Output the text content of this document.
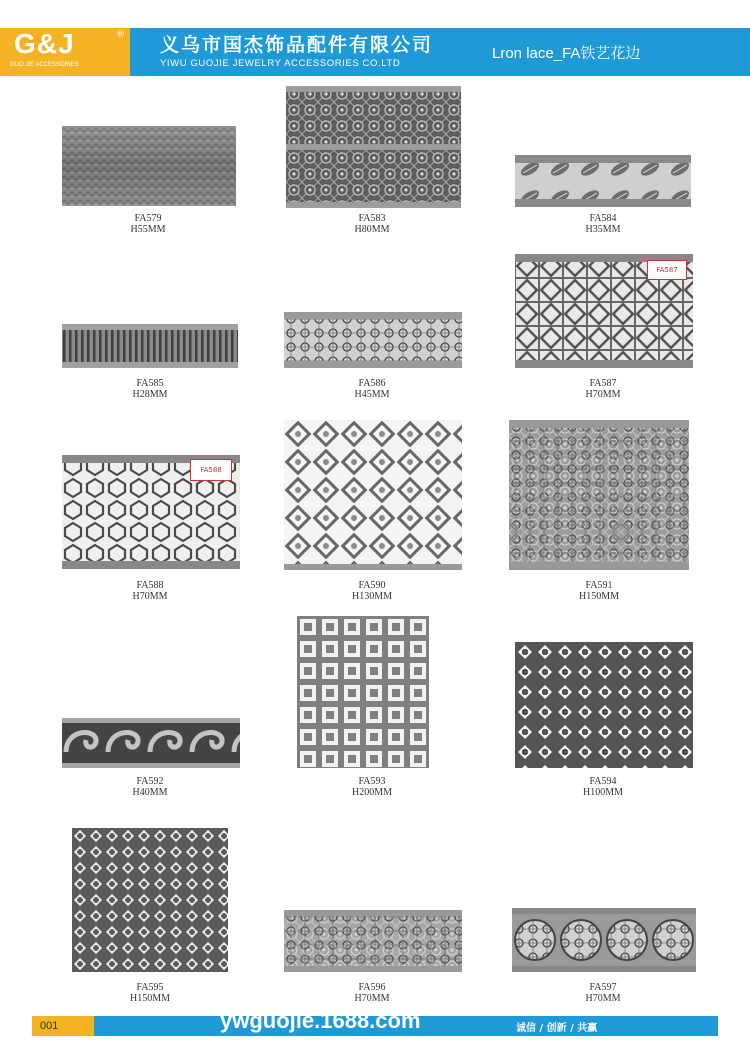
G&J	®
GUO JIE ACCESSORIES
义乌市国杰饰品配件有限公司
YIWU GUOJIE JEWELRY ACCESSORIES CO.LTD
Lron lace_FA铁艺花边
FA579
H55MM
FA583
H80MM
FA584
H35MM
FA585
H28MM
FA586
H45MM
FA587
FA587
H70MM
FA588
FA588
H70MM
FA590
H130MM
FA591
H150MM
FA592
H40MM
FA593
H200MM
FA594
H100MM
FA595
H150MM
FA596
H70MM
FA597
H70MM
001	ywguojie.1688.com	诚信 / 创新 / 共赢
